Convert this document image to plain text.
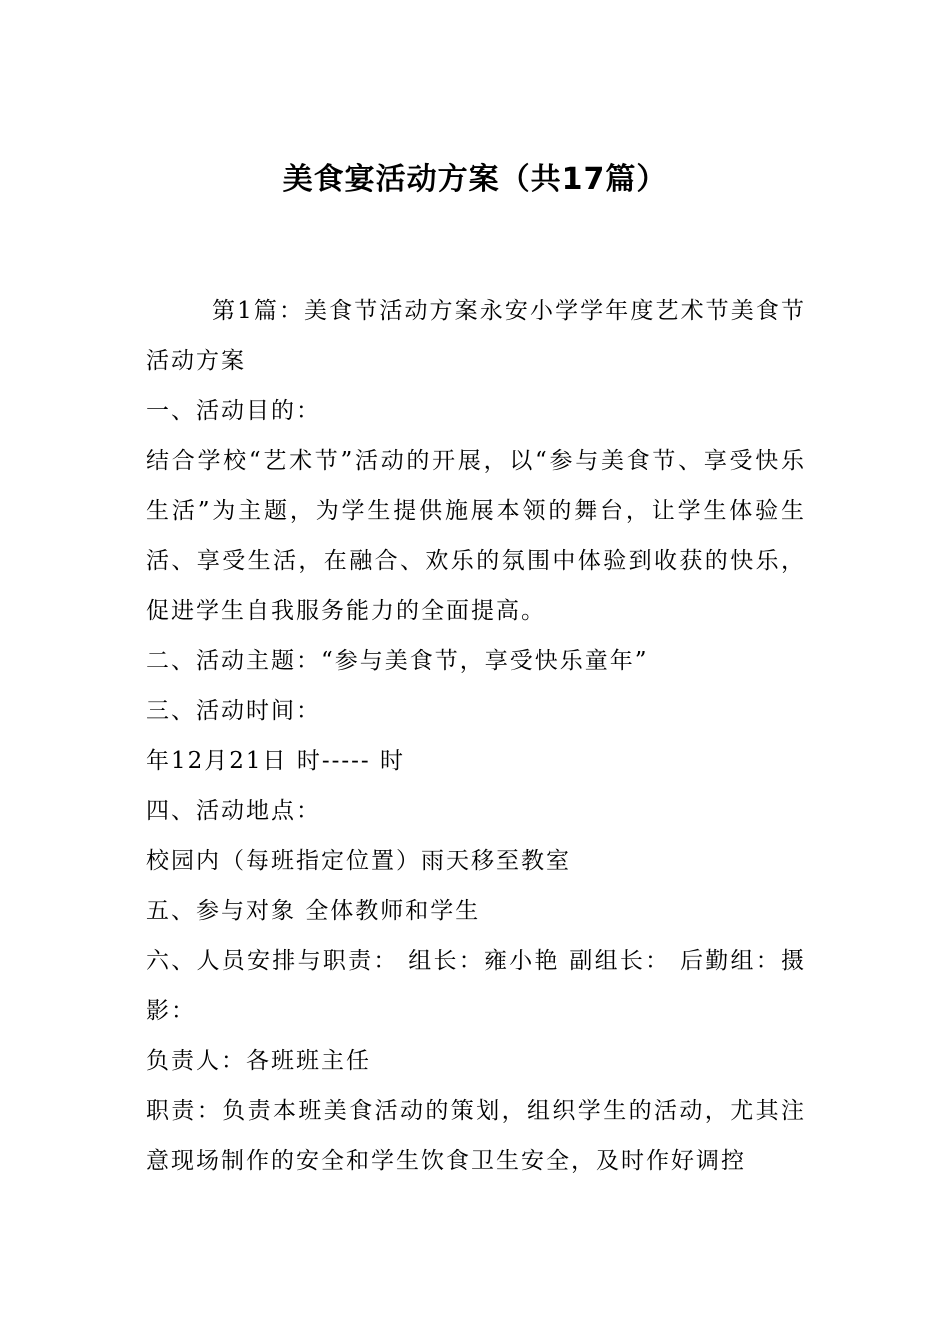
美食宴活动方案（共17篇）

第1篇：美食节活动方案永安小学学年度艺术节美食节活动方案

一、活动目的：

结合学校“艺术节”活动的开展，以“参与美食节、享受快乐生活”为主题，为学生提供施展本领的舞台，让学生体验生活、享受生活，在融合、欢乐的氛围中体验到收获的快乐，促进学生自我服务能力的全面提高。

二、活动主题：“参与美食节，享受快乐童年”

三、活动时间：

年12月21日 时----- 时

四、活动地点：

校园内（每班指定位置）雨天移至教室

五、参与对象 全体教师和学生

六、人员安排与职责： 组长：雍小艳 副组长： 后勤组：摄影：

负责人：各班班主任

职责：负责本班美食活动的策划，组织学生的活动，尤其注意现场制作的安全和学生饮食卫生安全，及时作好调控
